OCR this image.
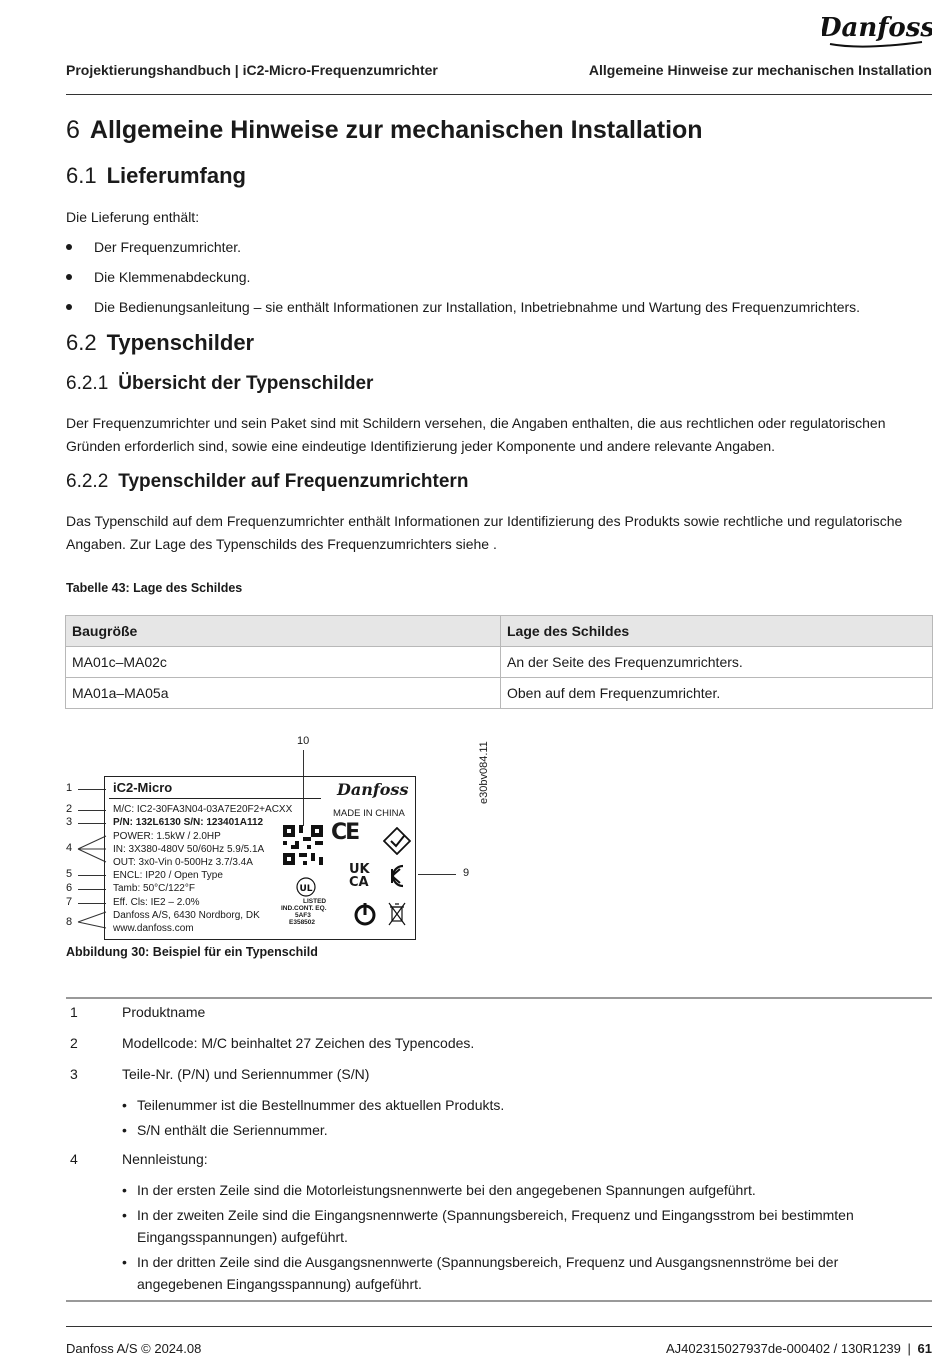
Danfoss
Projektierungshandbuch | iC2-Micro-Frequenzumrichter	Allgemeine Hinweise zur mechanischen Installation
6 Allgemeine Hinweise zur mechanischen Installation
6.1 Lieferumfang
Die Lieferung enthält:
Der Frequenzumrichter.
Die Klemmenabdeckung.
Die Bedienungsanleitung – sie enthält Informationen zur Installation, Inbetriebnahme und Wartung des Frequenzumrichters.
6.2 Typenschilder
6.2.1 Übersicht der Typenschilder
Der Frequenzumrichter und sein Paket sind mit Schildern versehen, die Angaben enthalten, die aus rechtlichen oder regulatorischen Gründen erforderlich sind, sowie eine eindeutige Identifizierung jeder Komponente und andere relevante Angaben.
6.2.2 Typenschilder auf Frequenzumrichtern
Das Typenschild auf dem Frequenzumrichter enthält Informationen zur Identifizierung des Produkts sowie rechtliche und regulatorische Angaben. Zur Lage des Typenschilds des Frequenzumrichters siehe .
Tabelle 43: Lage des Schildes
Baugröße	Lage des Schildes
MA01c–MA02c	An der Seite des Frequenzumrichters.
MA01a–MA05a	Oben auf dem Frequenzumrichter.
10
e30bv084.11
1
2
3
4
5
6
7
8
9
iC2-Micro
M/C: IC2-30FA3N04-03A7E20F2+ACXX
P/N: 132L6130 S/N: 123401A112
POWER: 1.5kW / 2.0HP
IN: 3X380-480V 50/60Hz 5.9/5.1A
OUT: 3x0-Vin 0-500Hz 3.7/3.4A
ENCL: IP20 / Open Type
Tamb: 50°C/122°F
Eff. Cls: IE2 – 2.0%
Danfoss A/S, 6430 Nordborg, DK
www.danfoss.com
UL
LISTED
IND.CONT. EQ.
5AF3
E358502
Danfoss
MADE IN CHINA
CE
UK
CA
Abbildung 30: Beispiel für ein Typenschild
1	Produktname
2	Modellcode: M/C beinhaltet 27 Zeichen des Typencodes.
3	Teile-Nr. (P/N) und Seriennummer (S/N)
• Teilenummer ist die Bestellnummer des aktuellen Produkts.
• S/N enthält die Seriennummer.
4	Nennleistung:
• In der ersten Zeile sind die Motorleistungsnennwerte bei den angegebenen Spannungen aufgeführt.
• In der zweiten Zeile sind die Eingangsnennwerte (Spannungsbereich, Frequenz und Eingangsstrom bei bestimmten Eingangsspannungen) aufgeführt.
• In der dritten Zeile sind die Ausgangsnennwerte (Spannungsbereich, Frequenz und Ausgangsnennströme bei der angegebenen Eingangsspannung) aufgeführt.
Danfoss A/S © 2024.08	AJ402315027937de-000402 / 130R1239 | 61
